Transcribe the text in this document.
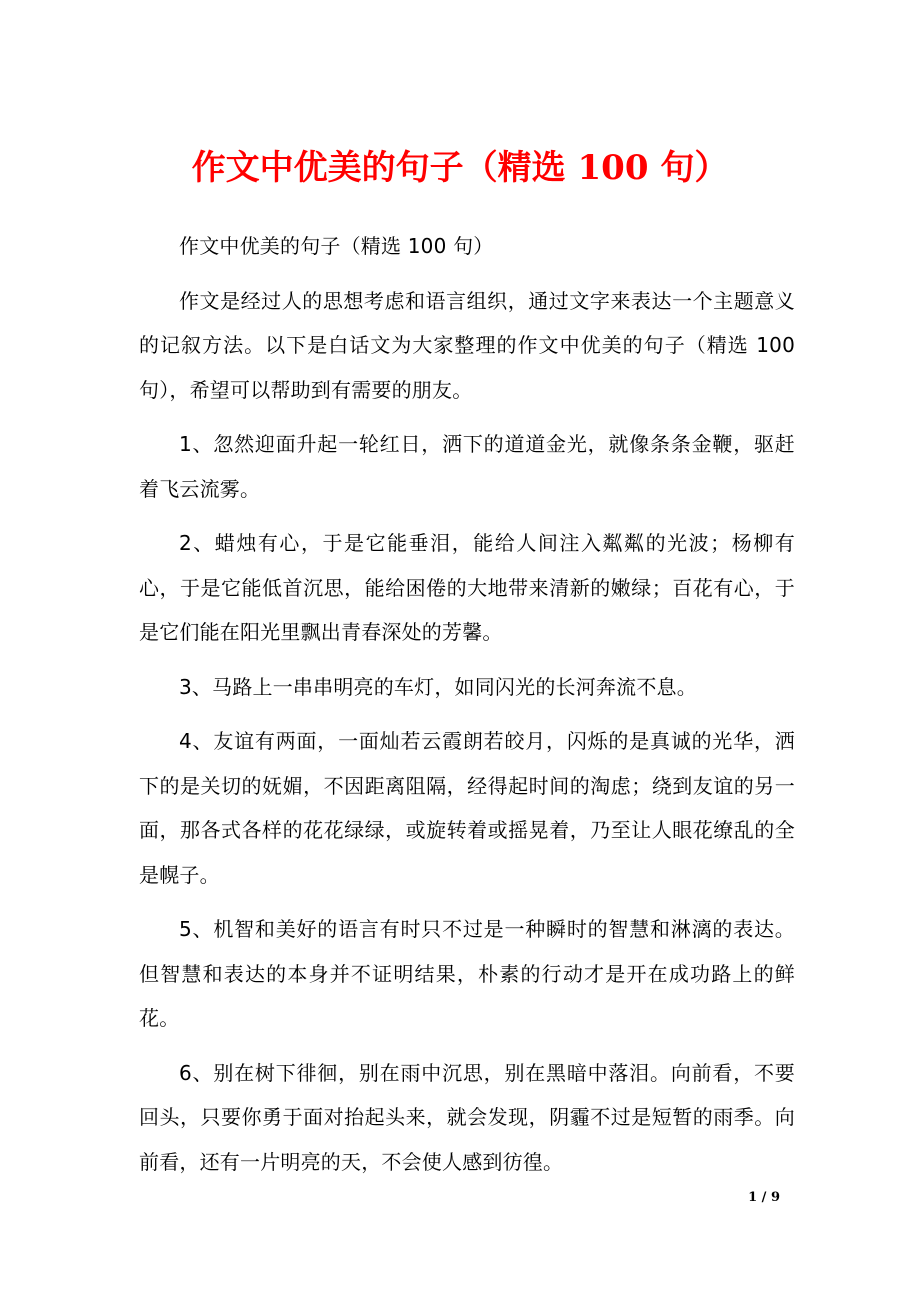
作文中优美的句子（精选 100 句）

作文中优美的句子（精选 100 句）

作文是经过人的思想考虑和语言组织，通过文字来表达一个主题意义的记叙方法。以下是白话文为大家整理的作文中优美的句子（精选 100 句），希望可以帮助到有需要的朋友。

1、忽然迎面升起一轮红日，洒下的道道金光，就像条条金鞭，驱赶着飞云流雾。

2、蜡烛有心，于是它能垂泪，能给人间注入粼粼的光波；杨柳有心，于是它能低首沉思，能给困倦的大地带来清新的嫩绿；百花有心，于是它们能在阳光里飘出青春深处的芳馨。

3、马路上一串串明亮的车灯，如同闪光的长河奔流不息。

4、友谊有两面，一面灿若云霞朗若皎月，闪烁的是真诚的光华，洒下的是关切的妩媚，不因距离阻隔，经得起时间的淘虑；绕到友谊的另一面，那各式各样的花花绿绿，或旋转着或摇晃着，乃至让人眼花缭乱的全是幌子。

5、机智和美好的语言有时只不过是一种瞬时的智慧和淋漓的表达。但智慧和表达的本身并不证明结果，朴素的行动才是开在成功路上的鲜花。

6、别在树下徘徊，别在雨中沉思，别在黑暗中落泪。向前看，不要回头，只要你勇于面对抬起头来，就会发现，阴霾不过是短暂的雨季。向前看，还有一片明亮的天，不会使人感到彷徨。

1 / 9
